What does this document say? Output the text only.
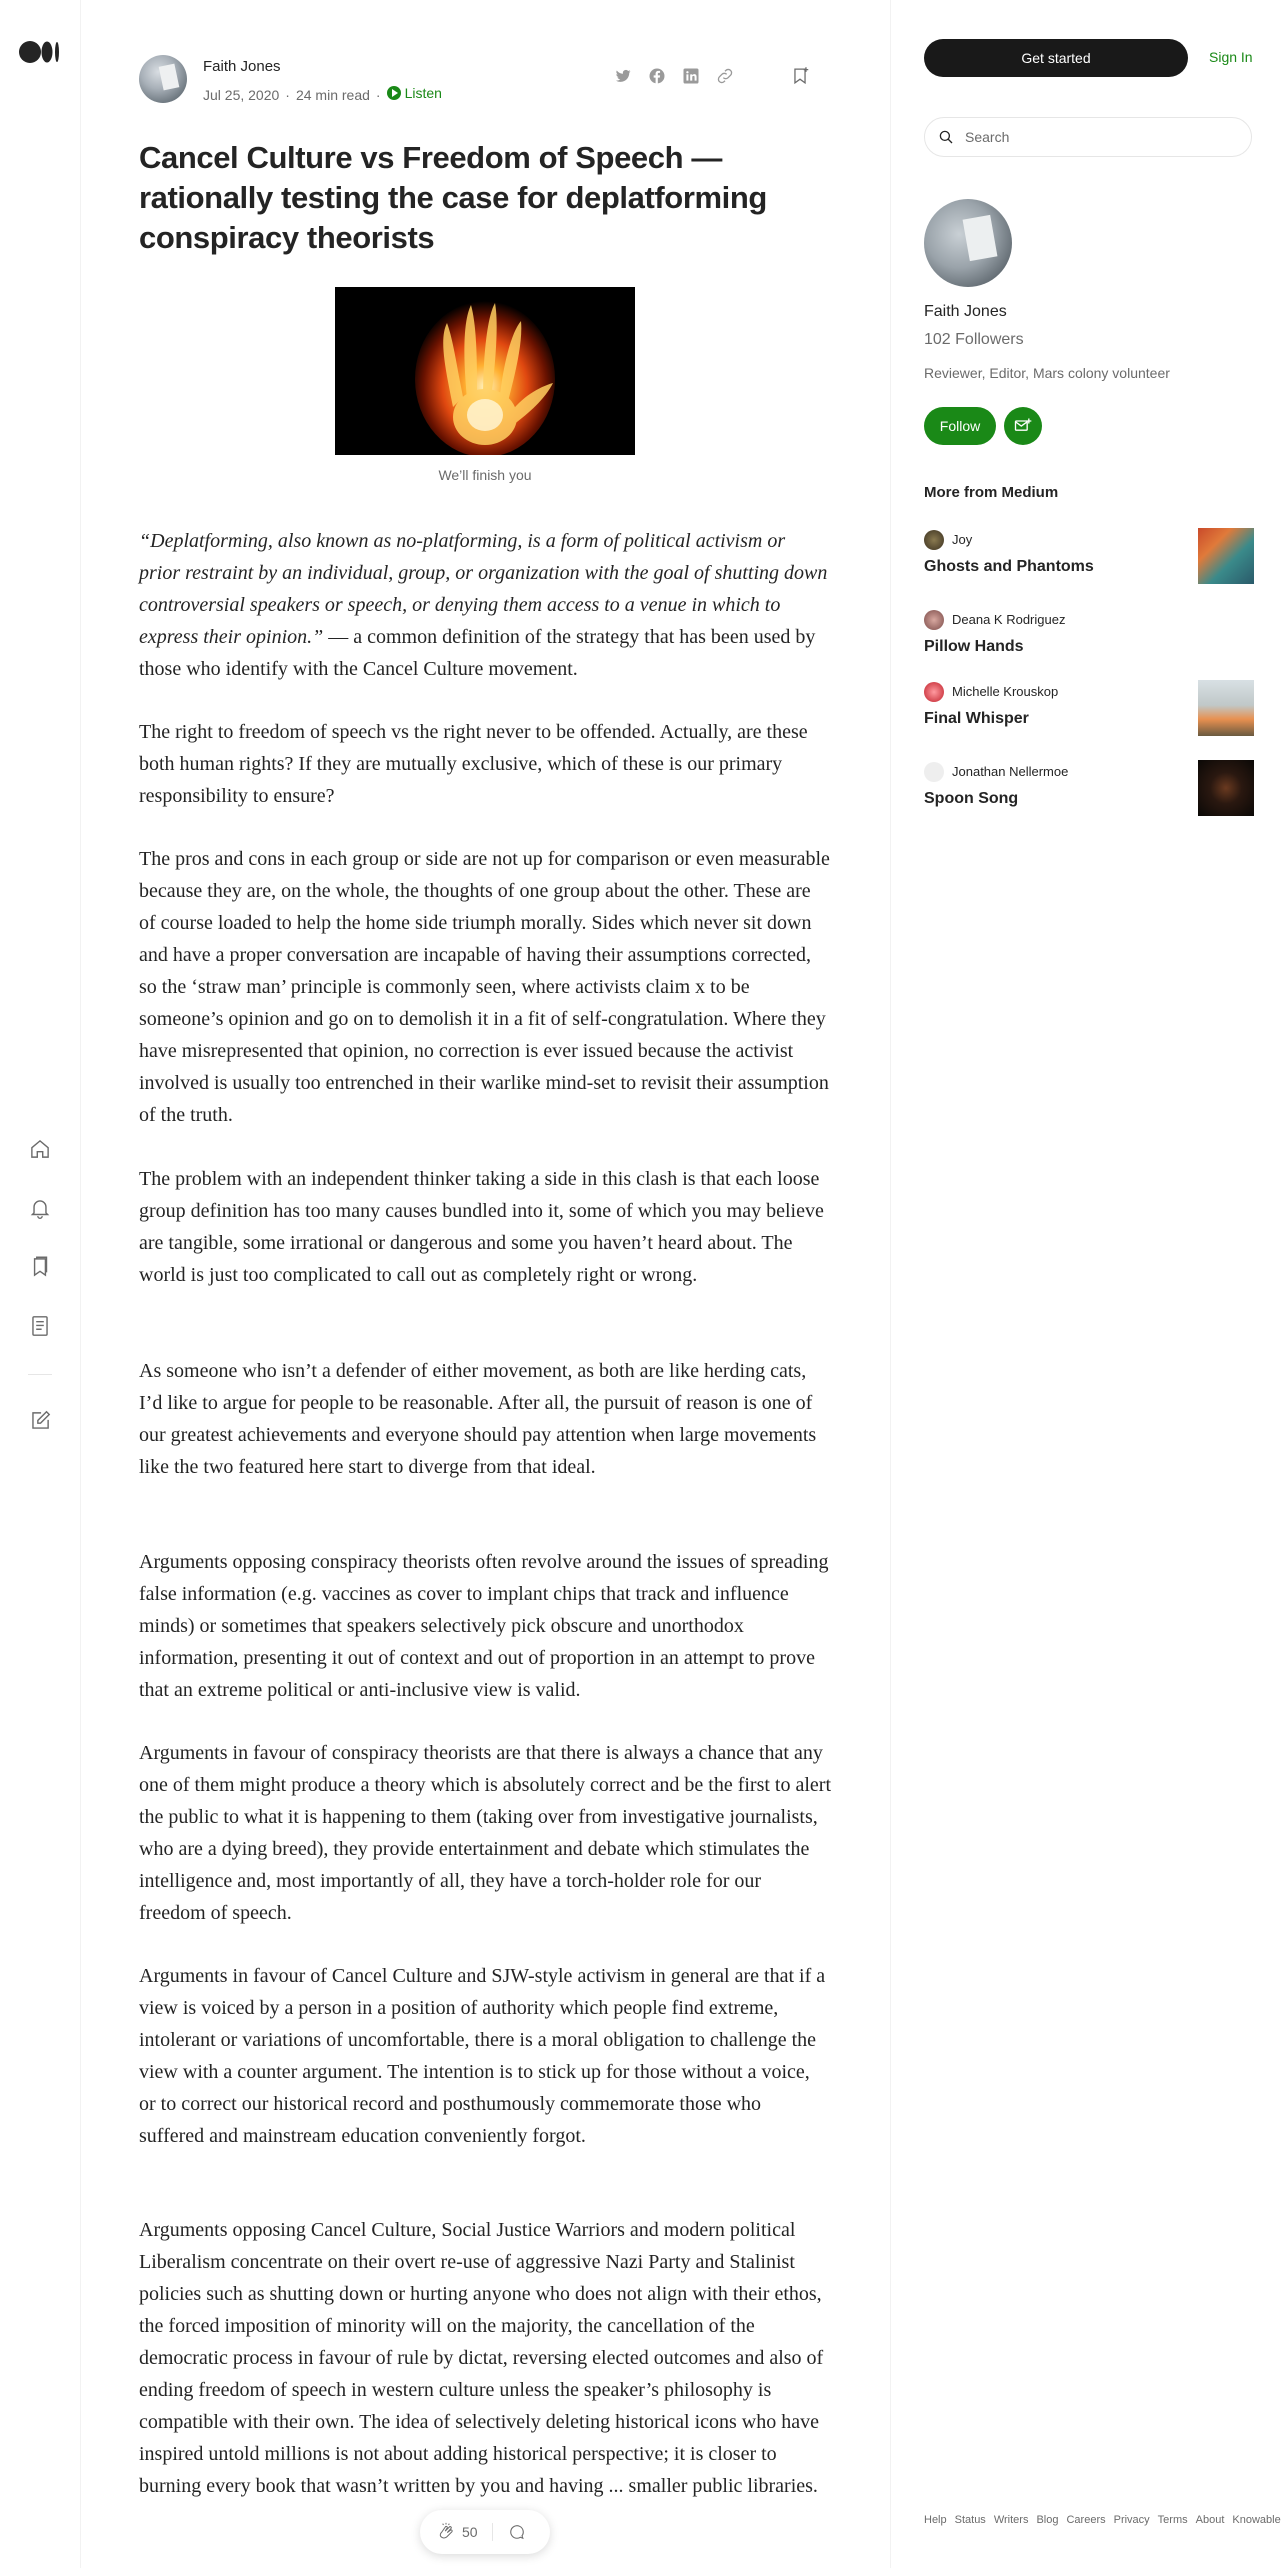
Faith Jones
Jul 25, 2020 · 24 min read · Listen
Cancel Culture vs Freedom of Speech — rationally testing the case for deplatforming conspiracy theorists
We’ll finish you

“Deplatforming, also known as no-platforming, is a form of political activism or prior restraint by an individual, group, or organization with the goal of shutting down controversial speakers or speech, or denying them access to a venue in which to express their opinion.” — a common definition of the strategy that has been used by those who identify with the Cancel Culture movement.

The right to freedom of speech vs the right never to be offended. Actually, are these both human rights? If they are mutually exclusive, which of these is our primary responsibility to ensure?

The pros and cons in each group or side are not up for comparison or even measurable because they are, on the whole, the thoughts of one group about the other. These are of course loaded to help the home side triumph morally. Sides which never sit down and have a proper conversation are incapable of having their assumptions corrected, so the ‘straw man’ principle is commonly seen, where activists claim x to be someone’s opinion and go on to demolish it in a fit of self-congratulation. Where they have misrepresented that opinion, no correction is ever issued because the activist involved is usually too entrenched in their warlike mind-set to revisit their assumption of the truth.

The problem with an independent thinker taking a side in this clash is that each loose group definition has too many causes bundled into it, some of which you may believe are tangible, some irrational or dangerous and some you haven’t heard about. The world is just too complicated to call out as completely right or wrong.

As someone who isn’t a defender of either movement, as both are like herding cats, I’d like to argue for people to be reasonable. After all, the pursuit of reason is one of our greatest achievements and everyone should pay attention when large movements like the two featured here start to diverge from that ideal.

Arguments opposing conspiracy theorists often revolve around the issues of spreading false information (e.g. vaccines as cover to implant chips that track and influence minds) or sometimes that speakers selectively pick obscure and unorthodox information, presenting it out of context and out of proportion in an attempt to prove that an extreme political or anti-inclusive view is valid.

Arguments in favour of conspiracy theorists are that there is always a chance that any one of them might produce a theory which is absolutely correct and be the first to alert the public to what it is happening to them (taking over from investigative journalists, who are a dying breed), they provide entertainment and debate which stimulates the intelligence and, most importantly of all, they have a torch-holder role for our freedom of speech.

Arguments in favour of Cancel Culture and SJW-style activism in general are that if a view is voiced by a person in a position of authority which people find extreme, intolerant or variations of uncomfortable, there is a moral obligation to challenge the view with a counter argument. The intention is to stick up for those without a voice, or to correct our historical record and posthumously commemorate those who suffered and mainstream education conveniently forgot.

Arguments opposing Cancel Culture, Social Justice Warriors and modern political Liberalism concentrate on their overt re-use of aggressive Nazi Party and Stalinist policies such as shutting down or hurting anyone who does not align with their ethos, the forced imposition of minority will on the majority, the cancellation of the democratic process in favour of rule by dictat, reversing elected outcomes and also of ending freedom of speech in western culture unless the speaker’s philosophy is compatible with their own. The idea of selectively deleting historical icons who have inspired untold millions is not about adding historical perspective; it is closer to burning every book that wasn’t written by you and having ... smaller public libraries.

50
Get started	Sign In
Search
Faith Jones
102 Followers
Reviewer, Editor, Mars colony volunteer
Follow
More from Medium
Joy
Ghosts and Phantoms
Deana K Rodriguez
Pillow Hands
Michelle Krouskop
Final Whisper
Jonathan Nellermoe
Spoon Song
Help Status Writers Blog Careers Privacy Terms About Knowable
